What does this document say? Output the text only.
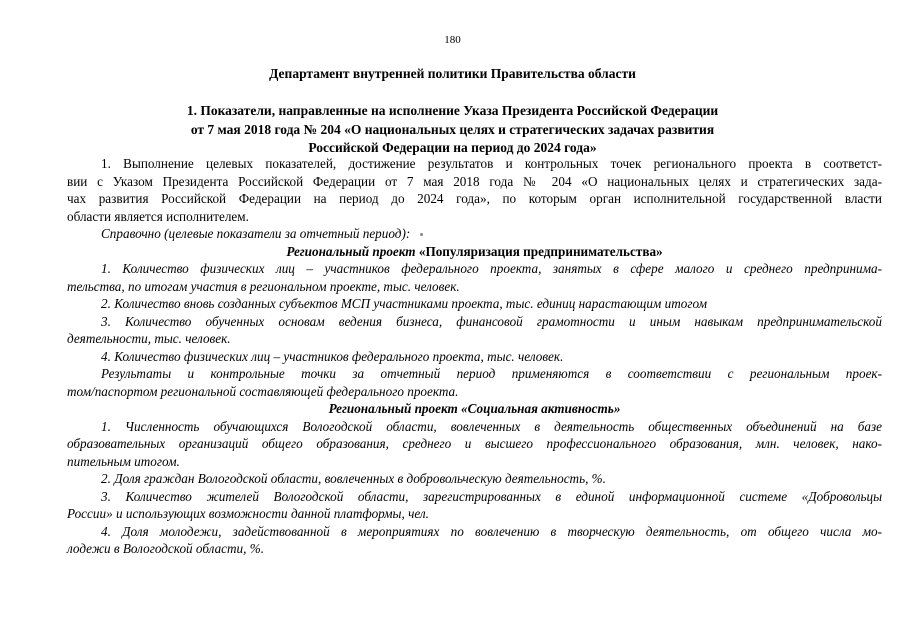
180
Департамент внутренней политики Правительства области
1. Показатели, направленные на исполнение Указа Президента Российской Федерации
от 7 мая 2018 года № 204 «О национальных целях и стратегических задачах развития
Российской Федерации на период до 2024 года»
1. Выполнение целевых показателей, достижение результатов и контрольных точек регионального проекта в соответст-
вии с Указом Президента Российской Федерации от 7 мая 2018 года № 204 «О национальных целях и стратегических зада-
чах развития Российской Федерации на период до 2024 года», по которым орган исполнительной государственной власти
области является исполнителем.
Справочно (целевые показатели за отчетный период):
Региональный проект «Популяризация предпринимательства»
1. Количество физических лиц – участников федерального проекта, занятых в сфере малого и среднего предпринима-
тельства, по итогам участия в региональном проекте, тыс. человек.
2. Количество вновь созданных субъектов МСП участниками проекта, тыс. единиц нарастающим итогом
3. Количество обученных основам ведения бизнеса, финансовой грамотности и иным навыкам предпринимательской
деятельности, тыс. человек.
4. Количество физических лиц – участников федерального проекта, тыс. человек.
Результаты и контрольные точки за отчетный период применяются в соответствии с региональным проек-
том/паспортом региональной составляющей федерального проекта.
Региональный проект «Социальная активность»
1. Численность обучающихся Вологодской области, вовлеченных в деятельность общественных объединений на базе
образовательных организаций общего образования, среднего и высшего профессионального образования, млн. человек, нако-
пительным итогом.
2. Доля граждан Вологодской области, вовлеченных в добровольческую деятельность, %.
3. Количество жителей Вологодской области, зарегистрированных в единой информационной системе «Добровольцы
России» и использующих возможности данной платформы, чел.
4. Доля молодежи, задействованной в мероприятиях по вовлечению в творческую деятельность, от общего числа мо-
лодежи в Вологодской области, %.
